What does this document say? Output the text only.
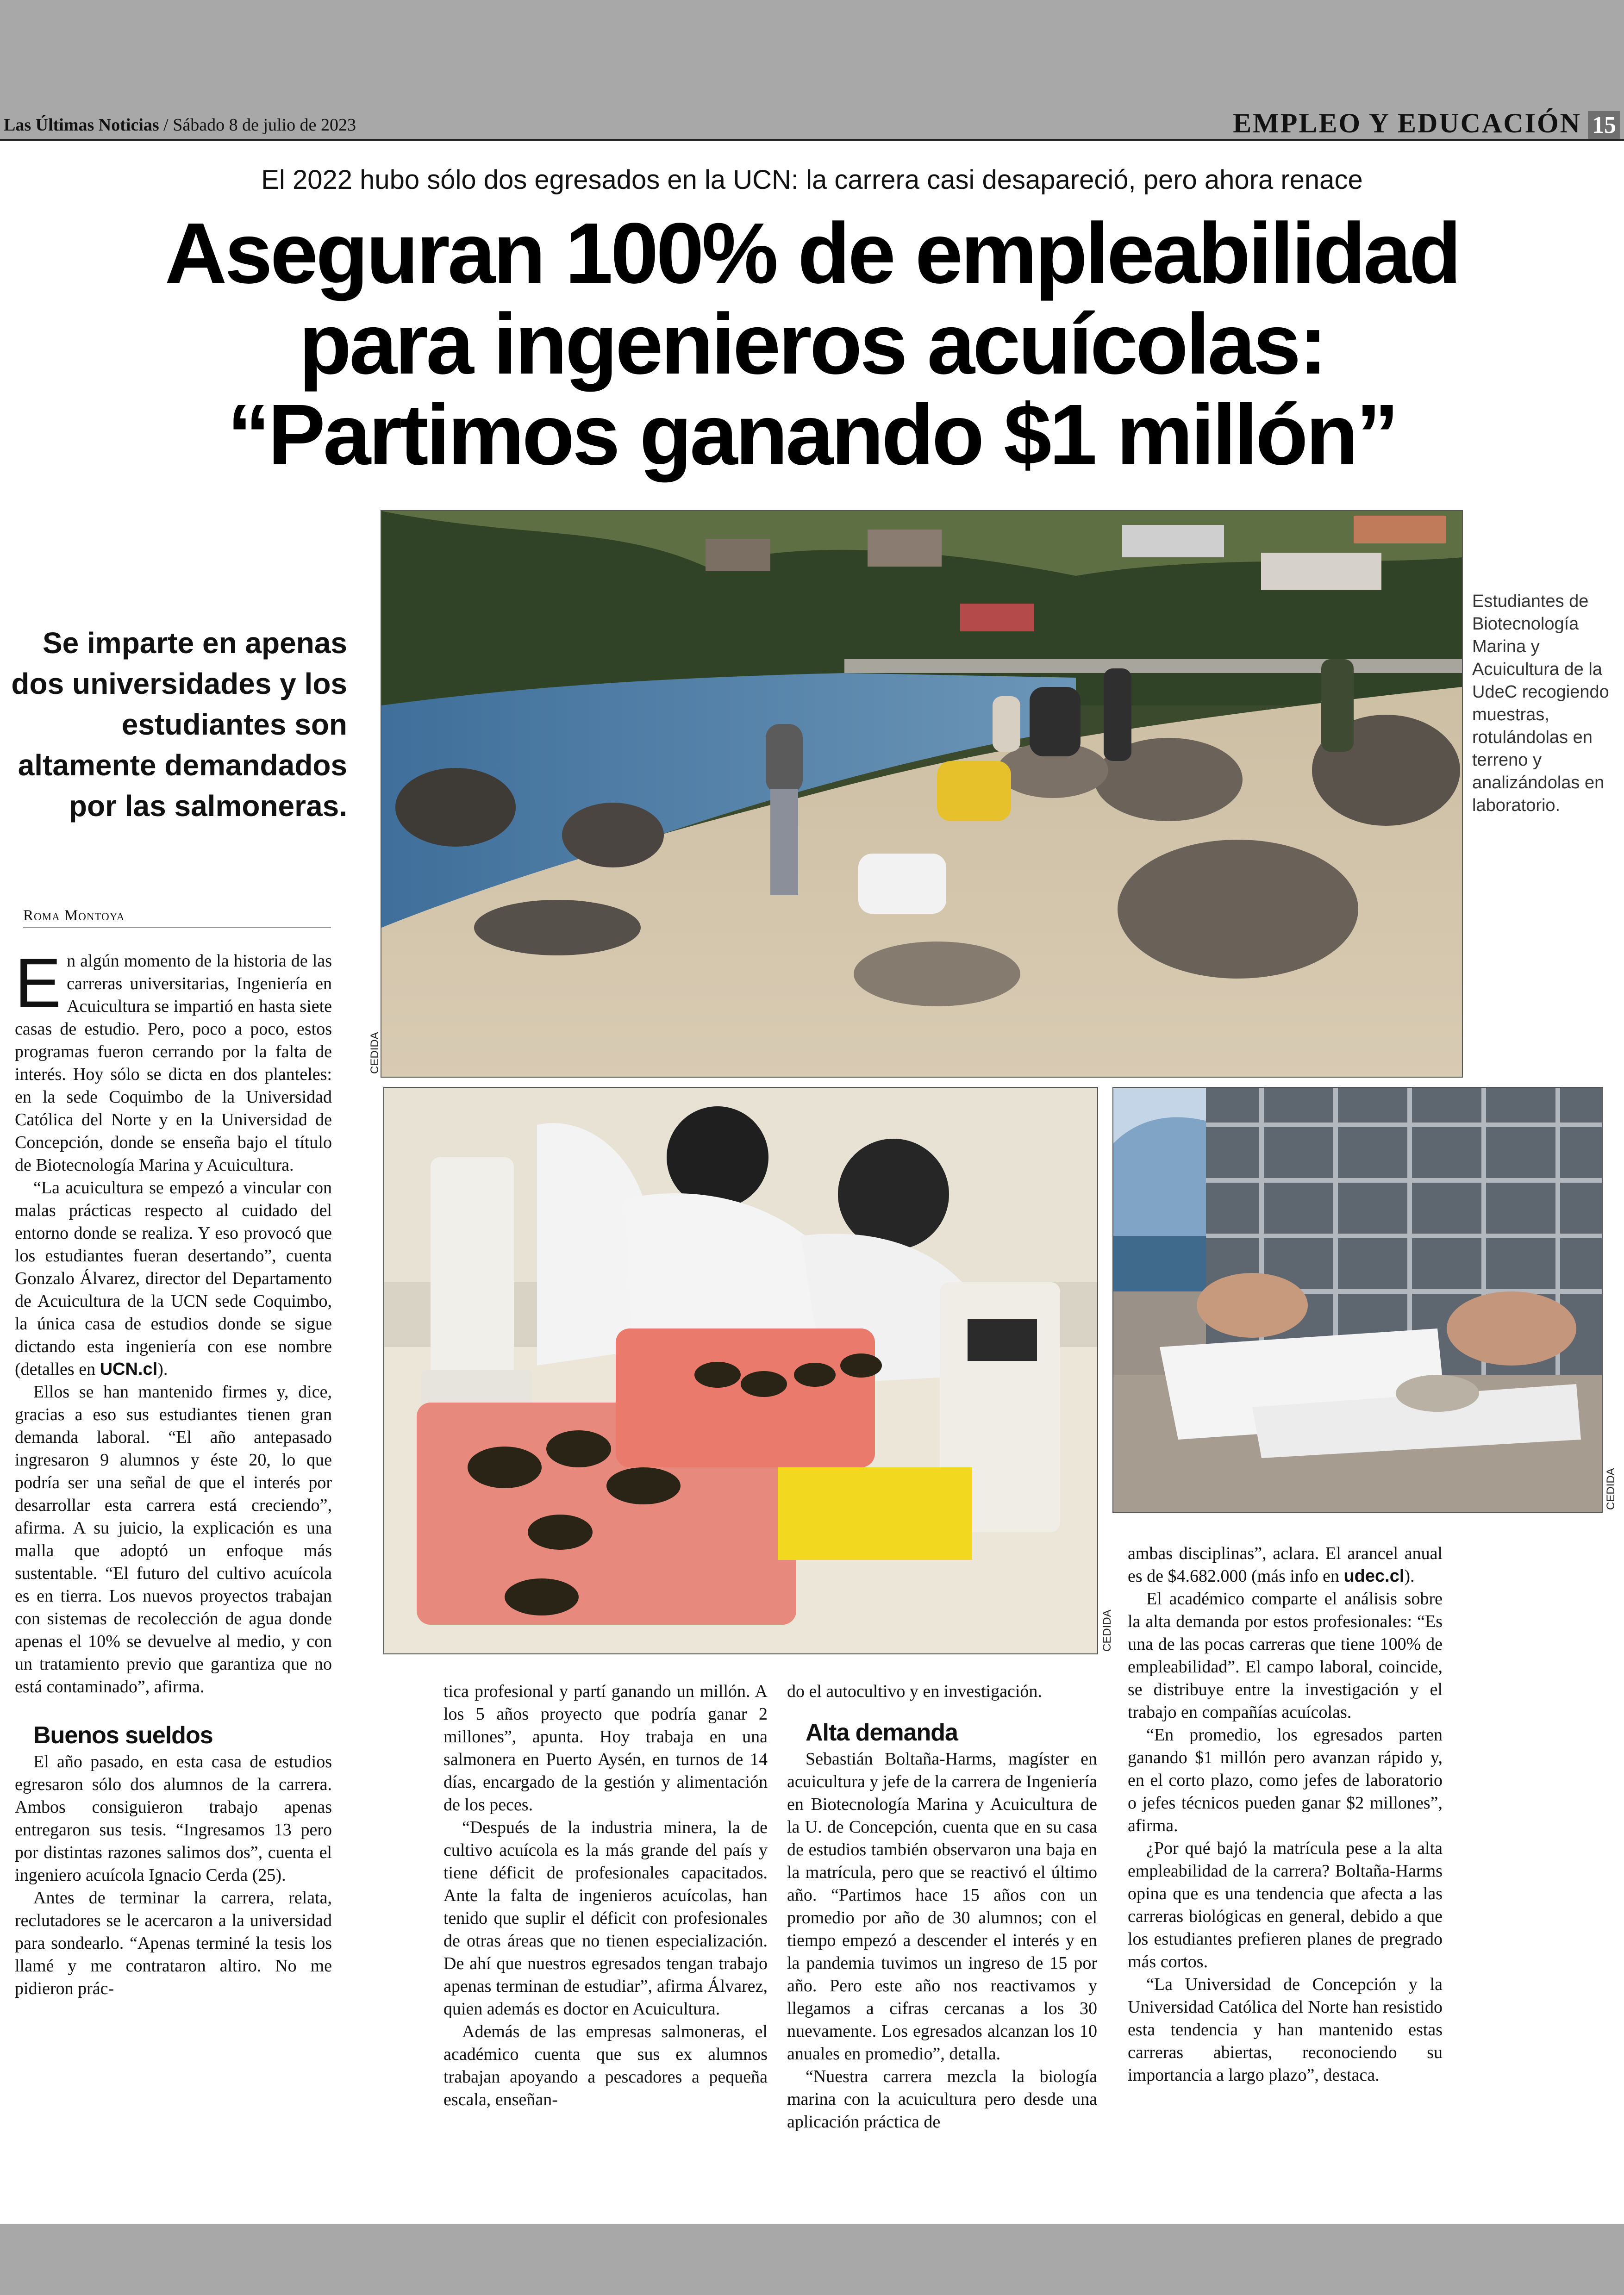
Las Últimas Noticias / Sábado 8 de julio de 2023	EMPLEO Y EDUCACIÓN 15
El 2022 hubo sólo dos egresados en la UCN: la carrera casi desapareció, pero ahora renace
Aseguran 100% de empleabilidad
para ingenieros acuícolas:
“Partimos ganando $1 millón”
Se imparte en apenas dos universidades y los estudiantes son altamente demandados por las salmoneras.
Estudiantes de Biotecnología Marina y Acuicultura de la UdeC recogiendo muestras, rotulándolas en terreno y analizándolas en laboratorio.
CEDIDA
CEDIDA
CEDIDA
Roma Montoya

En algún momento de la historia de las carreras universitarias, Ingeniería en Acuicultura se impartió en hasta siete casas de estudio. Pero, poco a poco, estos programas fueron cerrando por la falta de interés. Hoy sólo se dicta en dos planteles: en la sede Coquimbo de la Universidad Católica del Norte y en la Universidad de Concepción, donde se enseña bajo el título de Biotecnología Marina y Acuicultura.

“La acuicultura se empezó a vincular con malas prácticas respecto al cuidado del entorno donde se realiza. Y eso provocó que los estudiantes fueran desertando”, cuenta Gonzalo Álvarez, director del Departamento de Acuicultura de la UCN sede Coquimbo, la única casa de estudios donde se sigue dictando esta ingeniería con ese nombre (detalles en UCN.cl).

Ellos se han mantenido firmes y, dice, gracias a eso sus estudiantes tienen gran demanda laboral. “El año antepasado ingresaron 9 alumnos y éste 20, lo que podría ser una señal de que el interés por desarrollar esta carrera está creciendo”, afirma. A su juicio, la explicación es una malla que adoptó un enfoque más sustentable. “El futuro del cultivo acuícola es en tierra. Los nuevos proyectos trabajan con sistemas de recolección de agua donde apenas el 10% se devuelve al medio, y con un tratamiento previo que garantiza que no está contaminado”, afirma.

Buenos sueldos

El año pasado, en esta casa de estudios egresaron sólo dos alumnos de la carrera. Ambos consiguieron trabajo apenas entregaron sus tesis. “Ingresamos 13 pero por distintas razones salimos dos”, cuenta el ingeniero acuícola Ignacio Cerda (25).

Antes de terminar la carrera, relata, reclutadores se le acercaron a la universidad para sondearlo. “Apenas terminé la tesis los llamé y me contrataron altiro. No me pidieron prác-

tica profesional y partí ganando un millón. A los 5 años proyecto que podría ganar 2 millones”, apunta. Hoy trabaja en una salmonera en Puerto Aysén, en turnos de 14 días, encargado de la gestión y alimentación de los peces.

“Después de la industria minera, la de cultivo acuícola es la más grande del país y tiene déficit de profesionales capacitados. Ante la falta de ingenieros acuícolas, han tenido que suplir el déficit con profesionales de otras áreas que no tienen especialización. De ahí que nuestros egresados tengan trabajo apenas terminan de estudiar”, afirma Álvarez, quien además es doctor en Acuicultura.

Además de las empresas salmoneras, el académico cuenta que sus ex alumnos trabajan apoyando a pescadores a pequeña escala, enseñan-

do el autocultivo y en investigación.

Alta demanda

Sebastián Boltaña-Harms, magíster en acuicultura y jefe de la carrera de Ingeniería en Biotecnología Marina y Acuicultura de la U. de Concepción, cuenta que en su casa de estudios también observaron una baja en la matrícula, pero que se reactivó el último año. “Partimos hace 15 años con un promedio por año de 30 alumnos; con el tiempo empezó a descender el interés y en la pandemia tuvimos un ingreso de 15 por año. Pero este año nos reactivamos y llegamos a cifras cercanas a los 30 nuevamente. Los egresados alcanzan los 10 anuales en promedio”, detalla.

“Nuestra carrera mezcla la biología marina con la acuicultura pero desde una aplicación práctica de

ambas disciplinas”, aclara. El arancel anual es de $4.682.000 (más info en udec.cl).

El académico comparte el análisis sobre la alta demanda por estos profesionales: “Es una de las pocas carreras que tiene 100% de empleabilidad”. El campo laboral, coincide, se distribuye entre la investigación y el trabajo en compañías acuícolas.

“En promedio, los egresados parten ganando $1 millón pero avanzan rápido y, en el corto plazo, como jefes de laboratorio o jefes técnicos pueden ganar $2 millones”, afirma.

¿Por qué bajó la matrícula pese a la alta empleabilidad de la carrera? Boltaña-Harms opina que es una tendencia que afecta a las carreras biológicas en general, debido a que los estudiantes prefieren planes de pregrado más cortos.

“La Universidad de Concepción y la Universidad Católica del Norte han resistido esta tendencia y han mantenido estas carreras abiertas, reconociendo su importancia a largo plazo”, destaca.
